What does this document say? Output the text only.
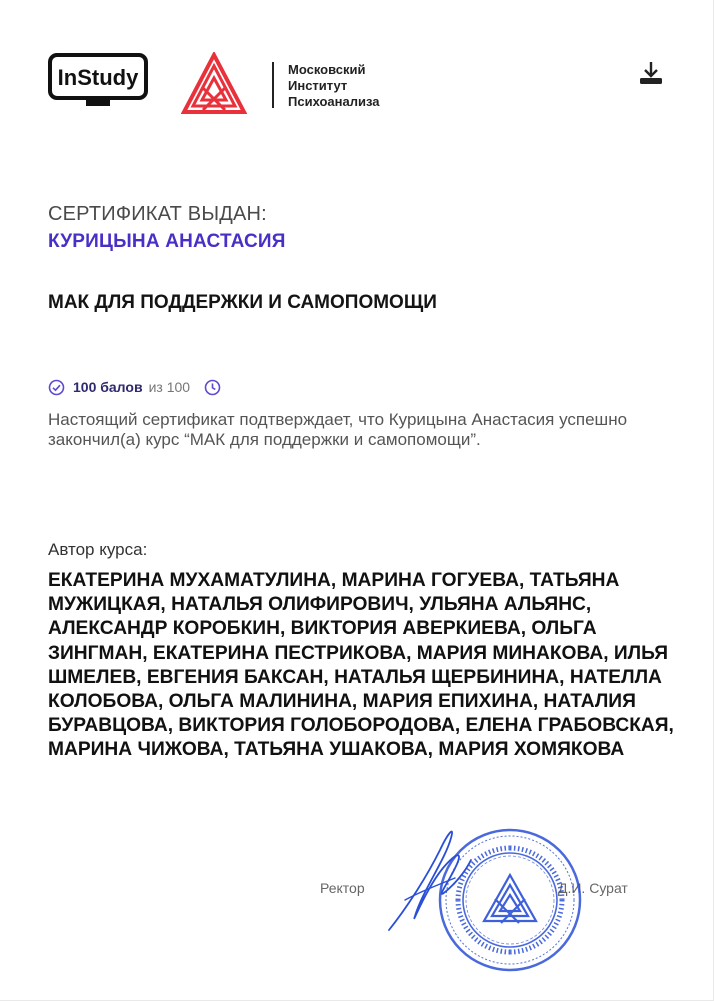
InStudy	Московский
Институт
Психоанализа
СЕРТИФИКАТ ВЫДАН:
КУРИЦЫНА АНАСТАСИЯ
МАК ДЛЯ ПОДДЕРЖКИ И САМОПОМОЩИ
100 балов из 100
Настоящий сертификат подтверждает, что Курицына Анастасия успешно закончил(а) курс “МАК для поддержки и самопомощи”.
Автор курса:
ЕКАТЕРИНА МУХАМАТУЛИНА, МАРИНА ГОГУЕВА, ТАТЬЯНА МУЖИЦКАЯ, НАТАЛЬЯ ОЛИФИРОВИЧ, УЛЬЯНА АЛЬЯНС, АЛЕКСАНДР КОРОБКИН, ВИКТОРИЯ АВЕРКИЕВА, ОЛЬГА ЗИНГМАН, ЕКАТЕРИНА ПЕСТРИКОВА, МАРИЯ МИНАКОВА, ИЛЬЯ ШМЕЛЕВ, ЕВГЕНИЯ БАКСАН, НАТАЛЬЯ ЩЕРБИНИНА, НАТЕЛЛА КОЛОБОВА, ОЛЬГА МАЛИНИНА, МАРИЯ ЕПИХИНА, НАТАЛИЯ БУРАВЦОВА, ВИКТОРИЯ ГОЛОБОРОДОВА, ЕЛЕНА ГРАБОВСКАЯ, МАРИНА ЧИЖОВА, ТАТЬЯНА УШАКОВА, МАРИЯ ХОМЯКОВА
Ректор	Д.И. Сурат
